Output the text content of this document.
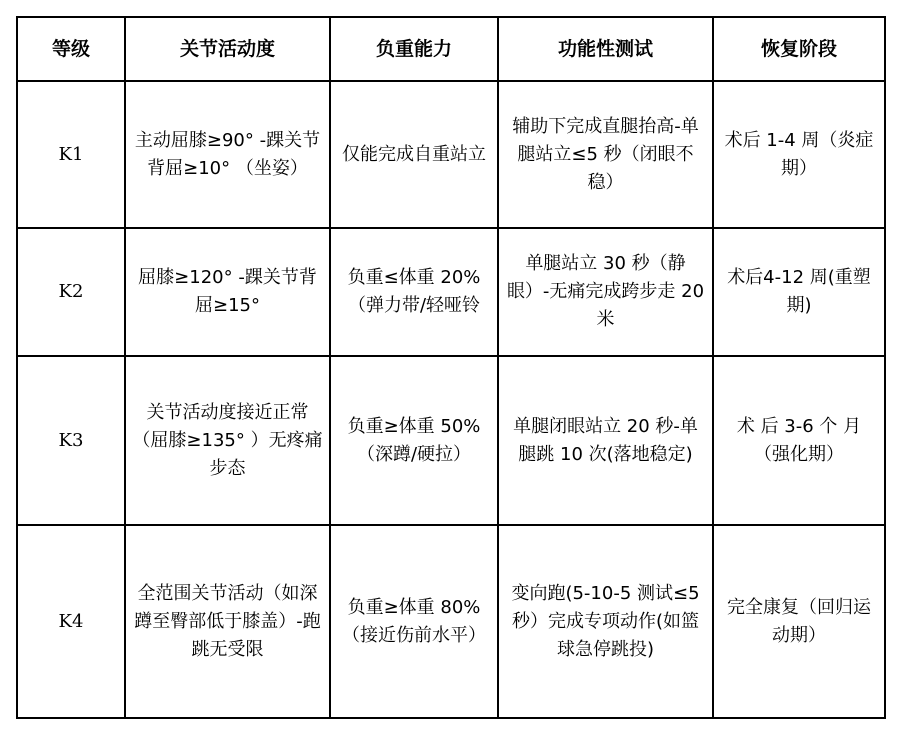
等级	关节活动度	负重能力	功能性测试	恢复阶段
K1	主动屈膝≥90° -踝关节背屈≥10° （坐姿）	仅能完成自重站立	辅助下完成直腿抬高-单腿站立≤5 秒（闭眼不稳）	术后 1-4 周（炎症期）
K2	屈膝≥120° -踝关节背屈≥15°	负重≤体重 20%（弹力带/轻哑铃	单腿站立 30 秒（静眼）-无痛完成跨步走 20 米	术后4-12 周(重塑期)
K3	关节活动度接近正常（屈膝≥135° ）无疼痛步态	负重≥体重 50%（深蹲/硬拉）	单腿闭眼站立 20 秒-单腿跳 10 次(落地稳定)	术 后 3-6 个 月（强化期）
K4	全范围关节活动（如深蹲至臀部低于膝盖）-跑跳无受限	负重≥体重 80%（接近伤前水平）	变向跑(5-10-5 测试≤5 秒）完成专项动作(如篮球急停跳投)	完全康复（回归运动期）
